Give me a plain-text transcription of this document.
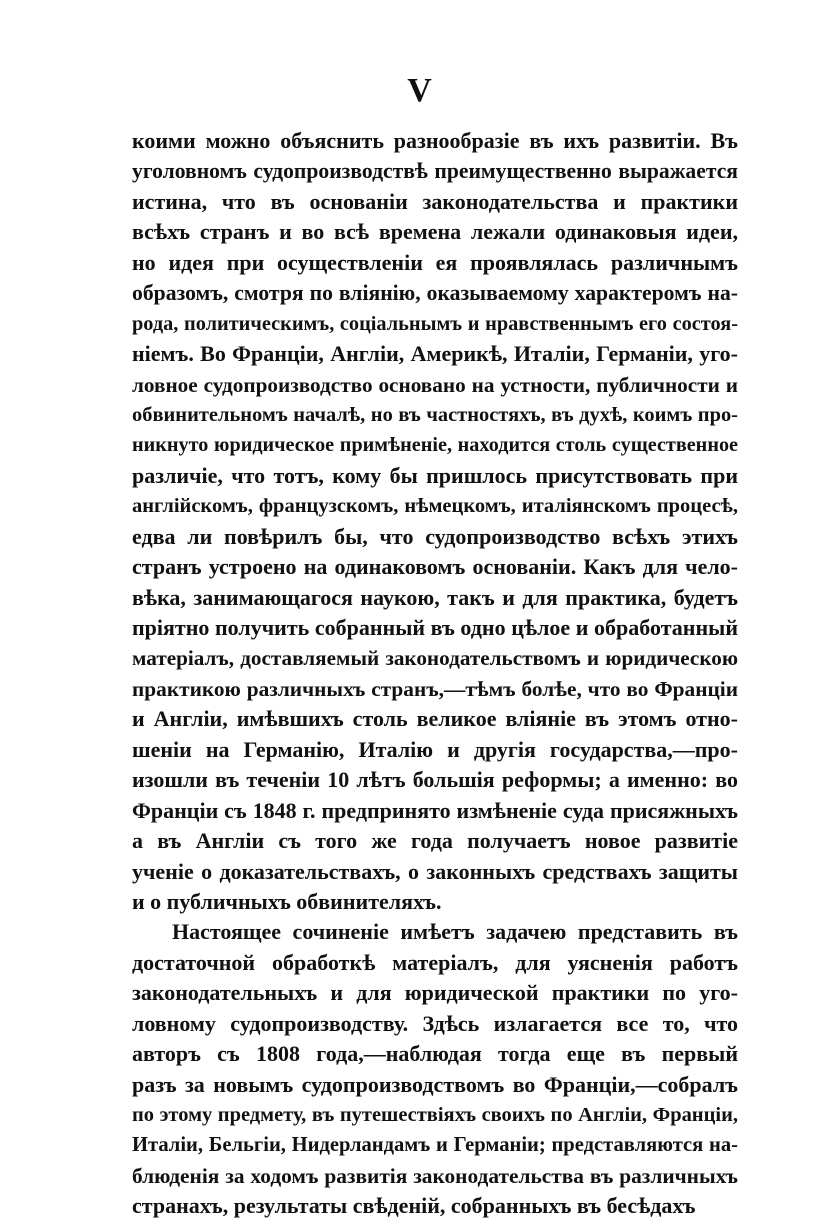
V
коими можно объяснить разнообразіе въ ихъ развитіи. Въ
уголовномъ судопроизводствѣ преимущественно выражается
истина, что въ основаніи законодательства и практики
всѣхъ странъ и во всѣ времена лежали одинаковыя идеи,
но идея при осуществленіи ея проявлялась различнымъ
образомъ, смотря по вліянію, оказываемому характеромъ на-
рода, политическимъ, соціальнымъ и нравственнымъ его состоя-
ніемъ. Во Франціи, Англіи, Америкѣ, Италіи, Германіи, уго-
ловное судопроизводство основано на устности, публичности и
обвинительномъ началѣ, но въ частностяхъ, въ духѣ, коимъ про-
никнуто юридическое примѣненіе, находится столь существенное
различіе, что тотъ, кому бы пришлось присутствовать при
англійскомъ, французскомъ, нѣмецкомъ, италіянскомъ процесѣ,
едва ли повѣрилъ бы, что судопроизводство всѣхъ этихъ
странъ устроено на одинаковомъ основаніи. Какъ для чело-
вѣка, занимающагося наукою, такъ и для практика, будетъ
пріятно получить собранный въ одно цѣлое и обработанный
матеріалъ, доставляемый законодательствомъ и юридическою
практикою различныхъ странъ,—тѣмъ болѣе, что во Франціи
и Англіи, имѣвшихъ столь великое вліяніе въ этомъ отно-
шеніи на Германію, Италію и другія государства,—про-
изошли въ теченіи 10 лѣтъ большія реформы; а именно: во
Франціи съ 1848 г. предпринято измѣненіе суда присяжныхъ
а въ Англіи съ того же года получаетъ новое развитіе
ученіе о доказательствахъ, о законныхъ средствахъ защиты
и о публичныхъ обвинителяхъ.
Настоящее сочиненіе имѣетъ задачею представить въ
достаточной обработкѣ матеріалъ, для уясненія работъ
законодательныхъ и для юридической практики по уго-
ловному судопроизводству. Здѣсь излагается все то, что
авторъ съ 1808 года,—наблюдая тогда еще въ первый
разъ за новымъ судопроизводствомъ во Франціи,—собралъ
по этому предмету, въ путешествіяхъ своихъ по Англіи, Франціи,
Италіи, Бельгіи, Нидерландамъ и Германіи; представляются на-
блюденія за ходомъ развитія законодательства въ различныхъ
странахъ, результаты свѣденій, собранныхъ въ бесѣдахъ
